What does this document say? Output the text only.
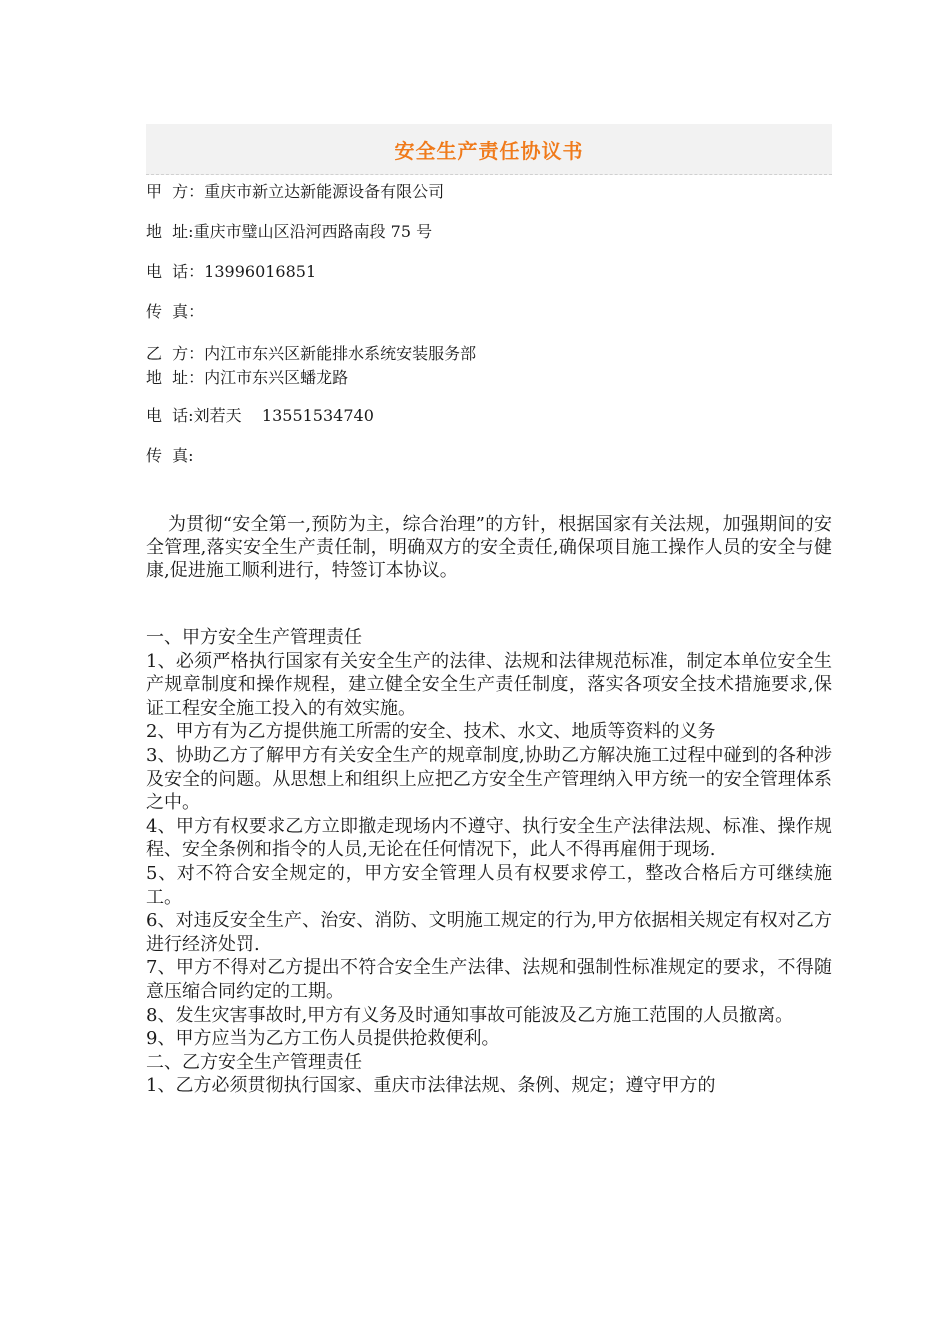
安全生产责任协议书

甲  方：重庆市新立达新能源设备有限公司

地  址:重庆市璧山区沿河西路南段 75 号

电  话：13996016851

传  真：

乙  方：内江市东兴区新能排水系统安装服务部

地  址：内江市东兴区蟠龙路

电  话:刘若天    13551534740

传  真:

为贯彻“安全第一,预防为主，综合治理”的方针，根据国家有关法规，加强期间的安全管理,落实安全生产责任制，明确双方的安全责任,确保项目施工操作人员的安全与健康,促进施工顺利进行，特签订本协议。

一、甲方安全生产管理责任

1、必须严格执行国家有关安全生产的法律、法规和法律规范标准，制定本单位安全生产规章制度和操作规程，建立健全安全生产责任制度，落实各项安全技术措施要求,保证工程安全施工投入的有效实施。

2、甲方有为乙方提供施工所需的安全、技术、水文、地质等资料的义务

3、协助乙方了解甲方有关安全生产的规章制度,协助乙方解决施工过程中碰到的各种涉及安全的问题。从思想上和组织上应把乙方安全生产管理纳入甲方统一的安全管理体系之中。

4、甲方有权要求乙方立即撤走现场内不遵守、执行安全生产法律法规、标准、操作规程、安全条例和指令的人员,无论在任何情况下，此人不得再雇佣于现场.

5、对不符合安全规定的，甲方安全管理人员有权要求停工，整改合格后方可继续施工。

6、对违反安全生产、治安、消防、文明施工规定的行为,甲方依据相关规定有权对乙方进行经济处罚.

7、甲方不得对乙方提出不符合安全生产法律、法规和强制性标准规定的要求，不得随意压缩合同约定的工期。

8、发生灾害事故时,甲方有义务及时通知事故可能波及乙方施工范围的人员撤离。

9、甲方应当为乙方工伤人员提供抢救便利。

二、乙方安全生产管理责任

1、乙方必须贯彻执行国家、重庆市法律法规、条例、规定；遵守甲方的
